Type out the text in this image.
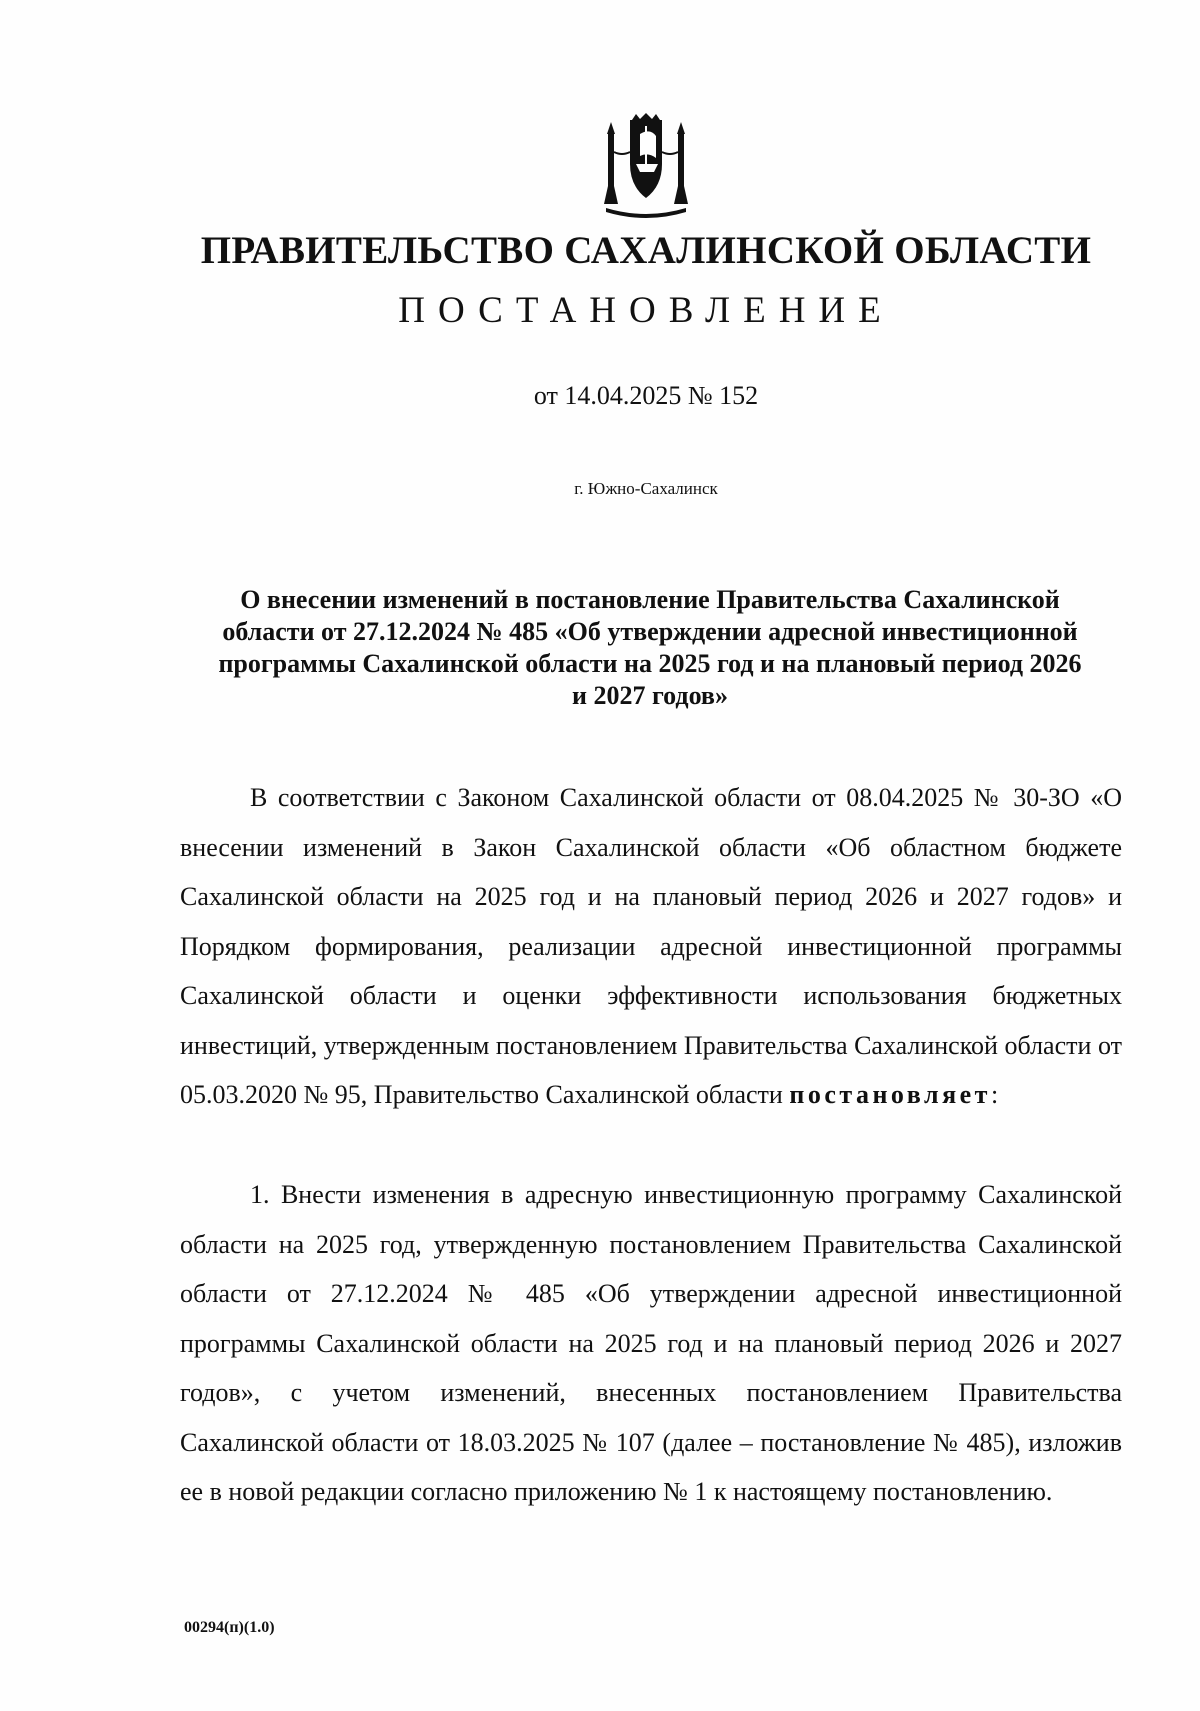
ПРАВИТЕЛЬСТВО САХАЛИНСКОЙ ОБЛАСТИ
ПОСТАНОВЛЕНИЕ
от 14.04.2025 № 152
г. Южно-Сахалинск
О внесении изменений в постановление Правительства Сахалинской
области от 27.12.2024 № 485 «Об утверждении адресной инвестиционной
программы Сахалинской области на 2025 год и на плановый период 2026
и 2027 годов»
В соответствии с Законом Сахалинской области от 08.04.2025 № 30-ЗО «О внесении изменений в Закон Сахалинской области «Об областном бюджете Сахалинской области на 2025 год и на плановый период 2026 и 2027 годов» и Порядком формирования, реализации адресной инвестиционной программы Сахалинской области и оценки эффективности использования бюджетных инвестиций, утвержденным постановлением Правительства Сахалинской области от 05.03.2020 № 95, Правительство Сахалинской области постановляет:
1. Внести изменения в адресную инвестиционную программу Сахалинской области на 2025 год, утвержденную постановлением Правительства Сахалинской области от 27.12.2024 № 485 «Об утверждении адресной инвестиционной программы Сахалинской области на 2025 год и на плановый период 2026 и 2027 годов», с учетом изменений, внесенных постановлением Правительства Сахалинской области от 18.03.2025 № 107 (далее – постановление № 485), изложив ее в новой редакции согласно приложению № 1 к настоящему постановлению.
00294(п)(1.0)
